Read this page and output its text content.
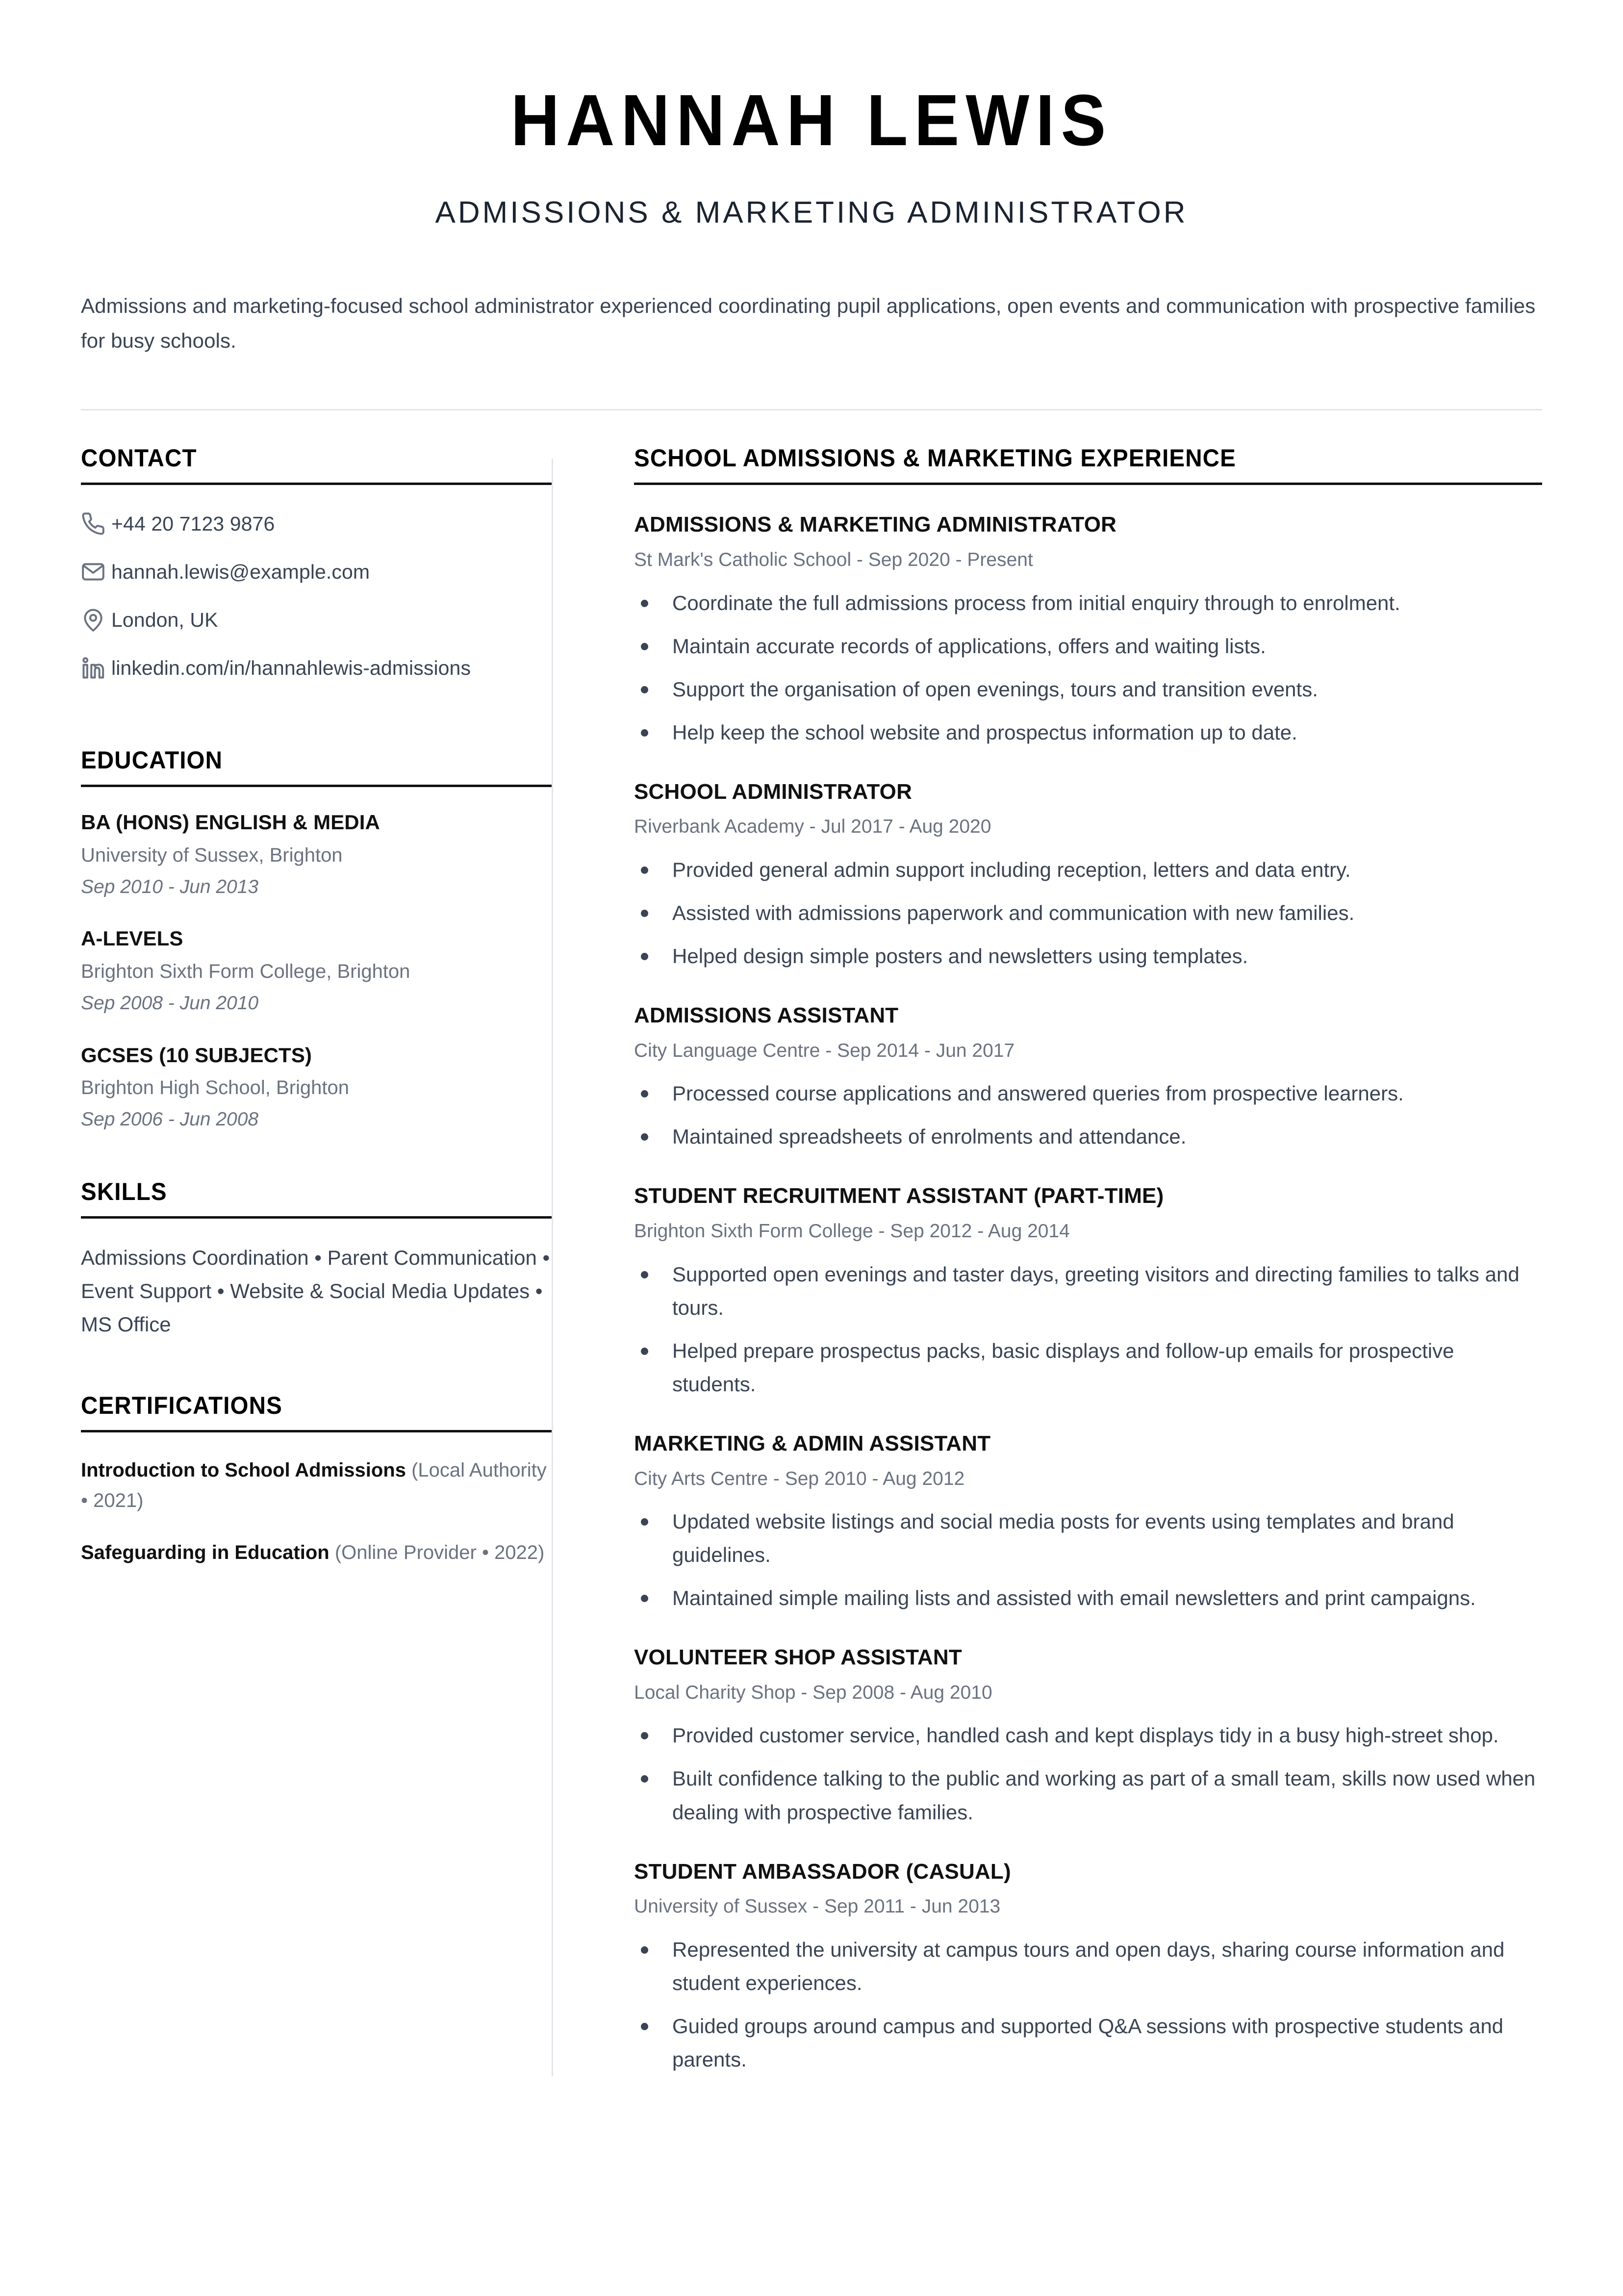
HANNAH LEWIS
ADMISSIONS & MARKETING ADMINISTRATOR
Admissions and marketing-focused school administrator experienced coordinating pupil applications, open events and communication with prospective families for busy schools.
CONTACT
+44 20 7123 9876
hannah.lewis@example.com
London, UK
linkedin.com/in/hannahlewis-admissions
EDUCATION
BA (HONS) ENGLISH & MEDIA
University of Sussex, Brighton
Sep 2010 - Jun 2013
A-LEVELS
Brighton Sixth Form College, Brighton
Sep 2008 - Jun 2010
GCSES (10 SUBJECTS)
Brighton High School, Brighton
Sep 2006 - Jun 2008
SKILLS
Admissions Coordination • Parent Communication • Event Support • Website & Social Media Updates • MS Office
CERTIFICATIONS
Introduction to School Admissions (Local Authority • 2021)
Safeguarding in Education (Online Provider • 2022)
SCHOOL ADMISSIONS & MARKETING EXPERIENCE
ADMISSIONS & MARKETING ADMINISTRATOR
St Mark's Catholic School - Sep 2020 - Present
Coordinate the full admissions process from initial enquiry through to enrolment.
Maintain accurate records of applications, offers and waiting lists.
Support the organisation of open evenings, tours and transition events.
Help keep the school website and prospectus information up to date.
SCHOOL ADMINISTRATOR
Riverbank Academy - Jul 2017 - Aug 2020
Provided general admin support including reception, letters and data entry.
Assisted with admissions paperwork and communication with new families.
Helped design simple posters and newsletters using templates.
ADMISSIONS ASSISTANT
City Language Centre - Sep 2014 - Jun 2017
Processed course applications and answered queries from prospective learners.
Maintained spreadsheets of enrolments and attendance.
STUDENT RECRUITMENT ASSISTANT (PART-TIME)
Brighton Sixth Form College - Sep 2012 - Aug 2014
Supported open evenings and taster days, greeting visitors and directing families to talks and tours.
Helped prepare prospectus packs, basic displays and follow-up emails for prospective students.
MARKETING & ADMIN ASSISTANT
City Arts Centre - Sep 2010 - Aug 2012
Updated website listings and social media posts for events using templates and brand guidelines.
Maintained simple mailing lists and assisted with email newsletters and print campaigns.
VOLUNTEER SHOP ASSISTANT
Local Charity Shop - Sep 2008 - Aug 2010
Provided customer service, handled cash and kept displays tidy in a busy high-street shop.
Built confidence talking to the public and working as part of a small team, skills now used when dealing with prospective families.
STUDENT AMBASSADOR (CASUAL)
University of Sussex - Sep 2011 - Jun 2013
Represented the university at campus tours and open days, sharing course information and student experiences.
Guided groups around campus and supported Q&A sessions with prospective students and parents.
